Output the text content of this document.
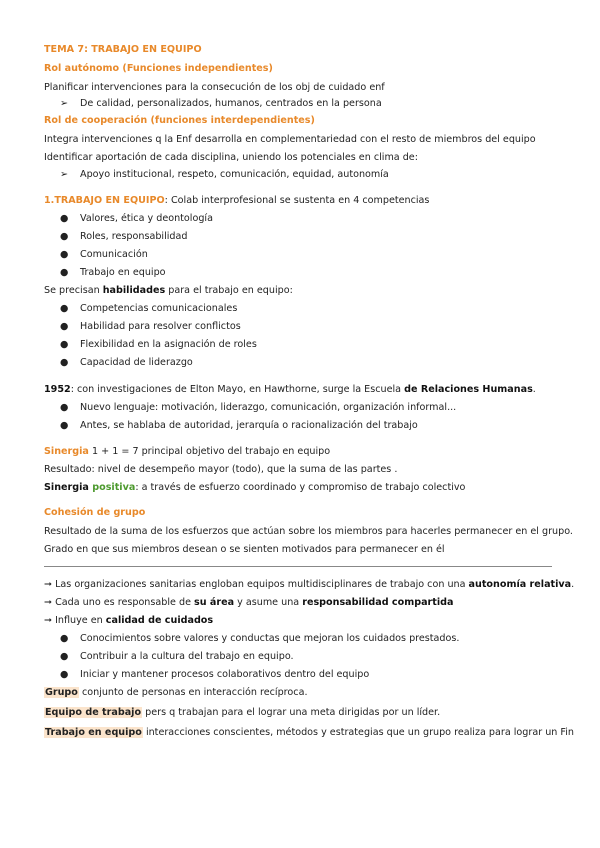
TEMA 7: TRABAJO EN EQUIPO
Rol autónomo (Funciones independientes)
Planificar intervenciones para la consecución de los obj de cuidado enf
➢ De calidad, personalizados, humanos, centrados en la persona
Rol de cooperación (funciones interdependientes)
Integra intervenciones q la Enf desarrolla en complementariedad con el resto de miembros del equipo
Identificar aportación de cada disciplina, uniendo los potenciales en clima de:
➢ Apoyo institucional, respeto, comunicación, equidad, autonomía
1.TRABAJO EN EQUIPO: Colab interprofesional se sustenta en 4 competencias
● Valores, ética y deontología
● Roles, responsabilidad
● Comunicación
● Trabajo en equipo
Se precisan habilidades para el trabajo en equipo:
● Competencias comunicacionales
● Habilidad para resolver conflictos
● Flexibilidad en la asignación de roles
● Capacidad de liderazgo
1952: con investigaciones de Elton Mayo, en Hawthorne, surge la Escuela de Relaciones Humanas.
● Nuevo lenguaje: motivación, liderazgo, comunicación, organización informal...
● Antes, se hablaba de autoridad, jerarquía o racionalización del trabajo
Sinergia 1 + 1 = 7 principal objetivo del trabajo en equipo
Resultado: nivel de desempeño mayor (todo), que la suma de las partes .
Sinergia positiva: a través de esfuerzo coordinado y compromiso de trabajo colectivo
Cohesión de grupo
Resultado de la suma de los esfuerzos que actúan sobre los miembros para hacerles permanecer en el grupo.
Grado en que sus miembros desean o se sienten motivados para permanecer en él
➞ Las organizaciones sanitarias engloban equipos multidisciplinares de trabajo con una autonomía relativa.
➞ Cada uno es responsable de su área y asume una responsabilidad compartida
➞ Influye en calidad de cuidados
● Conocimientos sobre valores y conductas que mejoran los cuidados prestados.
● Contribuir a la cultura del trabajo en equipo.
● Iniciar y mantener procesos colaborativos dentro del equipo
Grupo conjunto de personas en interacción recíproca.
Equipo de trabajo pers q trabajan para el lograr una meta dirigidas por un líder.
Trabajo en equipo interacciones conscientes, métodos y estrategias que un grupo realiza para lograr un Fin
